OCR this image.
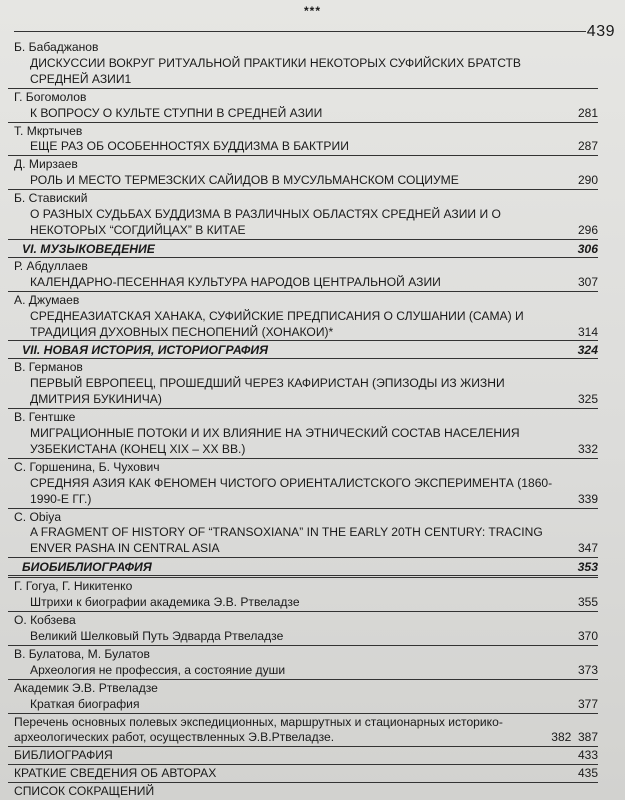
***
439
Б. Бабаджанов
ДИСКУССИИ ВОКРУГ РИТУАЛЬНОЙ ПРАКТИКИ НЕКОТОРЫХ СУФИЙСКИХ БРАТСТВ СРЕДНЕЙ АЗИИ1
Г. Богомолов
К ВОПРОСУ О КУЛЬТЕ СТУПНИ В СРЕДНЕЙ АЗИИ	281
Т. Мкртычев
ЕЩЕ РАЗ ОБ ОСОБЕННОСТЯХ БУДДИЗМА В БАКТРИИ	287
Д. Мирзаев
РОЛЬ И МЕСТО ТЕРМЕЗСКИХ САЙИДОВ В МУСУЛЬМАНСКОМ СОЦИУМЕ	290
Б. Ставиский
О РАЗНЫХ СУДЬБАХ БУДДИЗМА В РАЗЛИЧНЫХ ОБЛАСТЯХ СРЕДНЕЙ АЗИИ И О НЕКОТОРЫХ “СОГДИЙЦАХ” В КИТАЕ	296
VI. МУЗЫКОВЕДЕНИЕ	306
Р. Абдуллаев
КАЛЕНДАРНО-ПЕСЕННАЯ КУЛЬТУРА НАРОДОВ ЦЕНТРАЛЬНОЙ АЗИИ	307
А. Джумаев
СРЕДНЕАЗИАТСКАЯ ХАНАКА, СУФИЙСКИЕ ПРЕДПИСАНИЯ О СЛУШАНИИ (САМА) И ТРАДИЦИЯ ДУХОВНЫХ ПЕСНОПЕНИЙ (ХОНАКОИ)*	314
VII. НОВАЯ ИСТОРИЯ, ИСТОРИОГРАФИЯ	324
В. Германов
ПЕРВЫЙ ЕВРОПЕЕЦ, ПРОШЕДШИЙ ЧЕРЕЗ КАФИРИСТАН (ЭПИЗОДЫ ИЗ ЖИЗНИ ДМИТРИЯ БУКИНИЧА)	325
В. Гентшке
МИГРАЦИОННЫЕ ПОТОКИ И ИХ ВЛИЯНИЕ НА ЭТНИЧЕСКИЙ СОСТАВ НАСЕЛЕНИЯ УЗБЕКИСТАНА (КОНЕЦ XIX – XX ВВ.)	332
С. Горшенина, Б. Чухович
СРЕДНЯЯ АЗИЯ КАК ФЕНОМЕН ЧИСТОГО ОРИЕНТАЛИСТСКОГО ЭКСПЕРИМЕНТА (1860-1990-Е ГГ.)	339
С. Obiya
A FRAGMENT OF HISTORY OF “TRANSOXIANA” IN THE EARLY 20TH CENTURY: TRACING ENVER PASHA IN CENTRAL ASIA	347
БИОБИБЛИОГРАФИЯ	353
Г. Гогуа, Г. Никитенко
Штрихи к биографии академика Э.В. Ртвеладзе	355
О. Кобзева
Великий Шелковый Путь Эдварда Ртвеладзе	370
В. Булатова, М. Булатов
Археология не профессия, а состояние души	373
Академик Э.В. Ртвеладзе
Краткая биография	377
Перечень основных полевых экспедиционных, маршрутных и стационарных историко-археологических работ, осуществленных Э.В.Ртвеладзе.	382  387
БИБЛИОГРАФИЯ	433
КРАТКИЕ СВЕДЕНИЯ ОБ АВТОРАХ	435
СПИСОК СОКРАЩЕНИЙ
